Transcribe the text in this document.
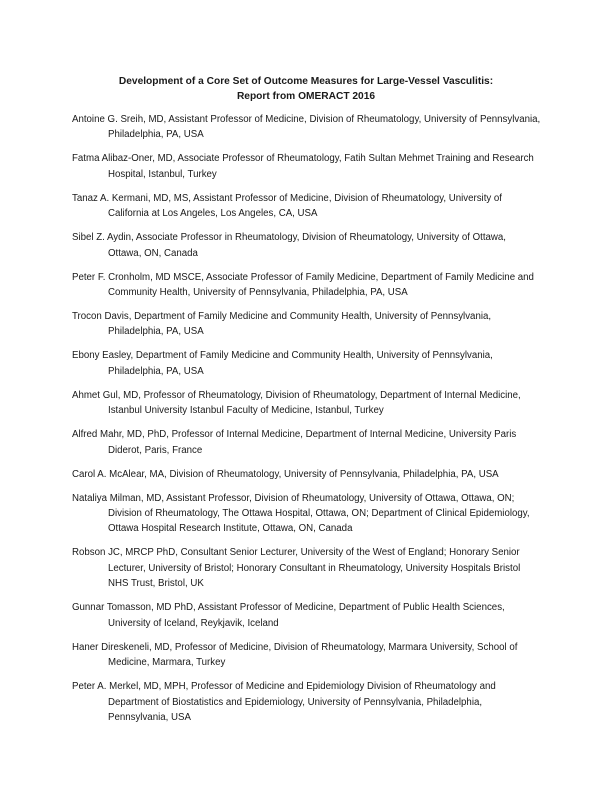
Development of a Core Set of Outcome Measures for Large-Vessel Vasculitis:
Report from OMERACT 2016

Antoine G. Sreih, MD, Assistant Professor of Medicine, Division of Rheumatology, University of Pennsylvania, Philadelphia, PA, USA

Fatma Alibaz-Oner, MD, Associate Professor of Rheumatology, Fatih Sultan Mehmet Training and Research Hospital, Istanbul, Turkey

Tanaz A. Kermani, MD, MS, Assistant Professor of Medicine, Division of Rheumatology, University of California at Los Angeles, Los Angeles, CA, USA

Sibel Z. Aydin, Associate Professor in Rheumatology, Division of Rheumatology, University of Ottawa, Ottawa, ON, Canada

Peter F. Cronholm, MD MSCE, Associate Professor of Family Medicine, Department of Family Medicine and Community Health, University of Pennsylvania, Philadelphia, PA, USA

Trocon Davis, Department of Family Medicine and Community Health, University of Pennsylvania, Philadelphia, PA, USA

Ebony Easley, Department of Family Medicine and Community Health, University of Pennsylvania, Philadelphia, PA, USA

Ahmet Gul, MD, Professor of Rheumatology, Division of Rheumatology, Department of Internal Medicine, Istanbul University Istanbul Faculty of Medicine, Istanbul, Turkey

Alfred Mahr, MD, PhD, Professor of Internal Medicine, Department of Internal Medicine, University Paris Diderot, Paris, France

Carol A. McAlear, MA, Division of Rheumatology, University of Pennsylvania, Philadelphia, PA, USA

Nataliya Milman, MD, Assistant Professor, Division of Rheumatology, University of Ottawa, Ottawa, ON; Division of Rheumatology, The Ottawa Hospital, Ottawa, ON; Department of Clinical Epidemiology, Ottawa Hospital Research Institute, Ottawa, ON, Canada

Robson JC, MRCP PhD, Consultant Senior Lecturer, University of the West of England; Honorary Senior Lecturer, University of Bristol; Honorary Consultant in Rheumatology, University Hospitals Bristol NHS Trust, Bristol, UK

Gunnar Tomasson, MD PhD, Assistant Professor of Medicine, Department of Public Health Sciences, University of Iceland, Reykjavik, Iceland

Haner Direskeneli, MD, Professor of Medicine, Division of Rheumatology, Marmara University, School of Medicine, Marmara, Turkey

Peter A. Merkel, MD, MPH, Professor of Medicine and Epidemiology Division of Rheumatology and Department of Biostatistics and Epidemiology, University of Pennsylvania, Philadelphia, Pennsylvania, USA
